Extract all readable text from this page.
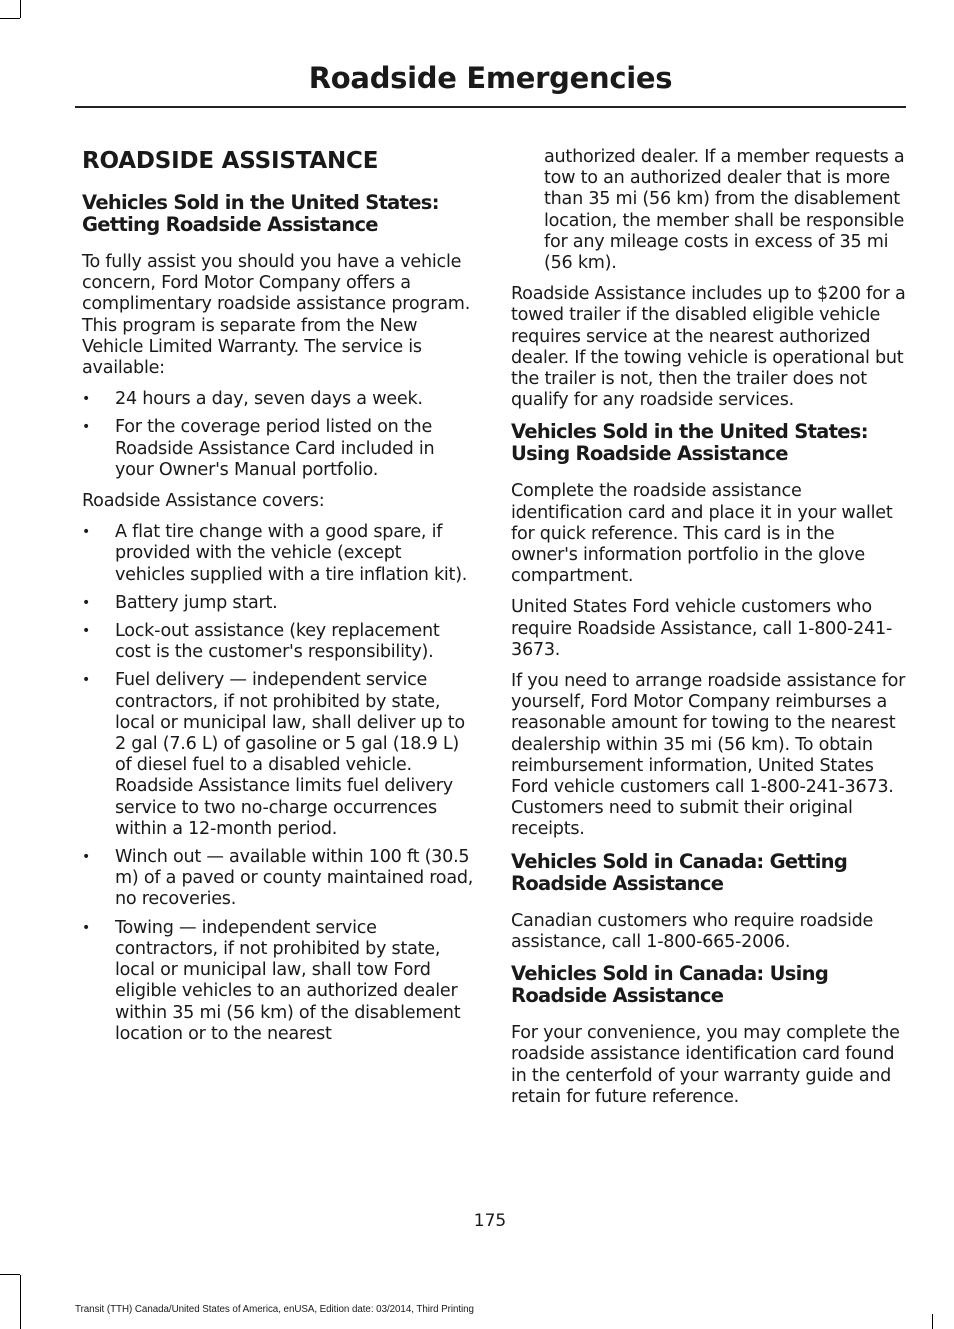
Roadside Emergencies
ROADSIDE ASSISTANCE
Vehicles Sold in the United States: Getting Roadside Assistance

To fully assist you should you have a vehicle concern, Ford Motor Company offers a complimentary roadside assistance program. This program is separate from the New Vehicle Limited Warranty. The service is available:

• 24 hours a day, seven days a week.
• For the coverage period listed on the Roadside Assistance Card included in your Owner's Manual portfolio.

Roadside Assistance covers:

• A flat tire change with a good spare, if provided with the vehicle (except vehicles supplied with a tire inflation kit).
• Battery jump start.
• Lock-out assistance (key replacement cost is the customer's responsibility).
• Fuel delivery — independent service contractors, if not prohibited by state, local or municipal law, shall deliver up to 2 gal (7.6 L) of gasoline or 5 gal (18.9 L) of diesel fuel to a disabled vehicle. Roadside Assistance limits fuel delivery service to two no-charge occurrences within a 12-month period.
• Winch out — available within 100 ft (30.5 m) of a paved or county maintained road, no recoveries.
• Towing — independent service contractors, if not prohibited by state, local or municipal law, shall tow Ford eligible vehicles to an authorized dealer within 35 mi (56 km) of the disablement location or to the nearest

authorized dealer. If a member requests a tow to an authorized dealer that is more than 35 mi (56 km) from the disablement location, the member shall be responsible for any mileage costs in excess of 35 mi (56 km).

Roadside Assistance includes up to $200 for a towed trailer if the disabled eligible vehicle requires service at the nearest authorized dealer. If the towing vehicle is operational but the trailer is not, then the trailer does not qualify for any roadside services.

Vehicles Sold in the United States: Using Roadside Assistance

Complete the roadside assistance identification card and place it in your wallet for quick reference. This card is in the owner's information portfolio in the glove compartment.

United States Ford vehicle customers who require Roadside Assistance, call 1-800-241-3673.

If you need to arrange roadside assistance for yourself, Ford Motor Company reimburses a reasonable amount for towing to the nearest dealership within 35 mi (56 km). To obtain reimbursement information, United States Ford vehicle customers call 1-800-241-3673. Customers need to submit their original receipts.

Vehicles Sold in Canada: Getting Roadside Assistance

Canadian customers who require roadside assistance, call 1-800-665-2006.

Vehicles Sold in Canada: Using Roadside Assistance

For your convenience, you may complete the roadside assistance identification card found in the centerfold of your warranty guide and retain for future reference.

175
Transit (TTH) Canada/United States of America, enUSA, Edition date: 03/2014, Third Printing
